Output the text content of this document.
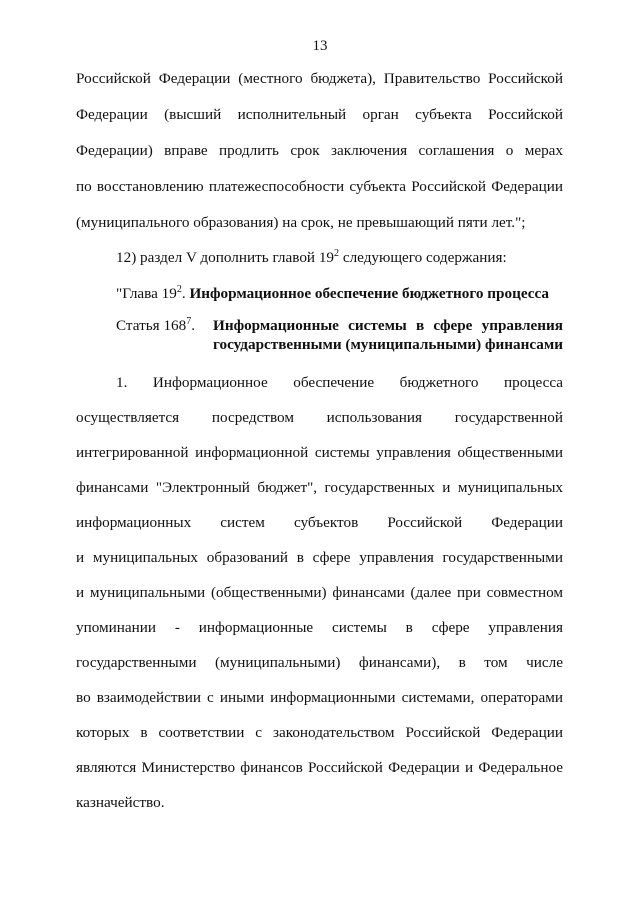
13
Российской Федерации (местного бюджета), Правительство Российской
Федерации (высший исполнительный орган субъекта Российской
Федерации) вправе продлить срок заключения соглашения о мерах
по восстановлению платежеспособности субъекта Российской Федерации
(муниципального образования) на срок, не превышающий пяти лет.";
12) раздел V дополнить главой $19^2$ следующего содержания:
"Глава $19^2$. Информационное обеспечение бюджетного процесса
Статья $168^7$. Информационные системы в сфере управления
государственными (муниципальными) финансами
1. Информационное обеспечение бюджетного процесса
осуществляется посредством использования государственной
интегрированной информационной системы управления общественными
финансами "Электронный бюджет", государственных и муниципальных
информационных систем субъектов Российской Федерации
и муниципальных образований в сфере управления государственными
и муниципальными (общественными) финансами (далее при совместном
упоминании - информационные системы в сфере управления
государственными (муниципальными) финансами), в том числе
во взаимодействии с иными информационными системами, операторами
которых в соответствии с законодательством Российской Федерации
являются Министерство финансов Российской Федерации и Федеральное
казначейство.
